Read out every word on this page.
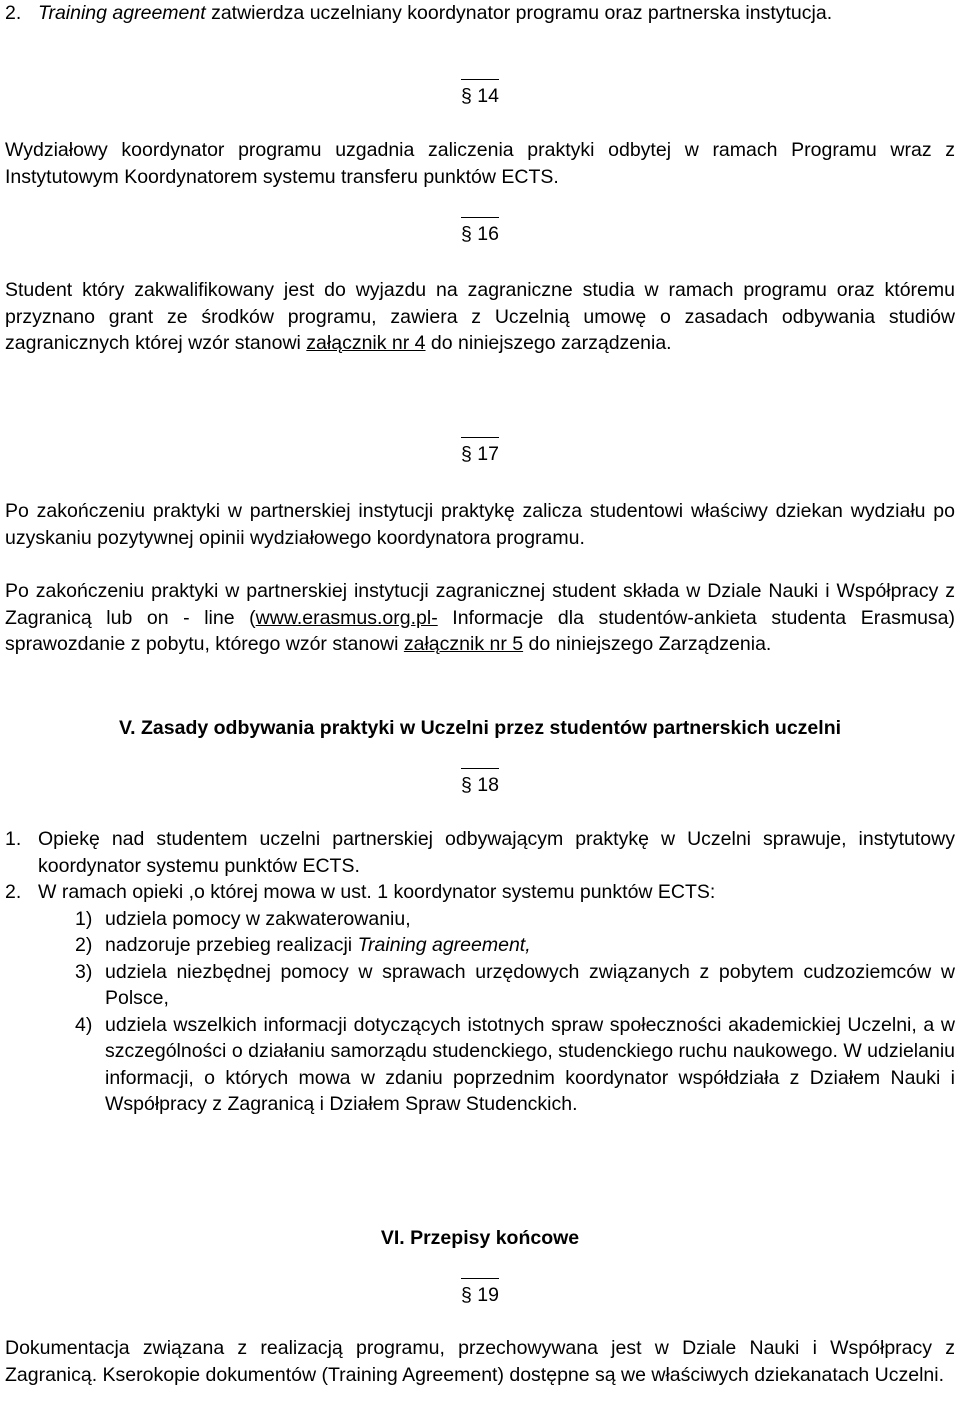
2. Training agreement zatwierdza uczelniany koordynator programu oraz partnerska instytucja.
§ 14

Wydziałowy koordynator programu uzgadnia zaliczenia praktyki odbytej w ramach Programu wraz z Instytutowym Koordynatorem systemu transferu punktów ECTS.

§ 16

Student który zakwalifikowany jest do wyjazdu na zagraniczne studia w ramach programu oraz któremu przyznano grant ze środków programu, zawiera z Uczelnią umowę o zasadach odbywania studiów zagranicznych której wzór stanowi załącznik nr 4 do niniejszego zarządzenia.

§ 17

Po zakończeniu praktyki w partnerskiej instytucji praktykę zalicza studentowi właściwy dziekan wydziału po uzyskaniu pozytywnej opinii wydziałowego koordynatora programu.

Po zakończeniu praktyki w partnerskiej instytucji zagranicznej student składa w Dziale Nauki i Współpracy z Zagranicą lub on - line (www.erasmus.org.pl- Informacje dla studentów-ankieta studenta Erasmusa) sprawozdanie z pobytu, którego wzór stanowi załącznik nr 5 do niniejszego Zarządzenia.

V. Zasady odbywania praktyki w Uczelni przez studentów partnerskich uczelni
§ 18
1. Opiekę nad studentem uczelni partnerskiej odbywającym praktykę w Uczelni sprawuje, instytutowy koordynator systemu punktów ECTS.
2. W ramach opieki ,o której mowa w ust. 1 koordynator systemu punktów ECTS:
1) udziela pomocy w zakwaterowaniu,
2) nadzoruje przebieg realizacji Training agreement,
3) udziela niezbędnej pomocy w sprawach urzędowych związanych z pobytem cudzoziemców w Polsce,
4) udziela wszelkich informacji dotyczących istotnych spraw społeczności akademickiej Uczelni, a w szczególności o działaniu samorządu studenckiego, studenckiego ruchu naukowego. W udzielaniu informacji, o których mowa w zdaniu poprzednim koordynator współdziała z Działem Nauki i Współpracy z Zagranicą i Działem Spraw Studenckich.
VI. Przepisy końcowe
§ 19

Dokumentacja związana z realizacją programu, przechowywana jest w Dziale Nauki i Współpracy z Zagranicą. Kserokopie dokumentów (Training Agreement) dostępne są we właściwych dziekanatach Uczelni.
